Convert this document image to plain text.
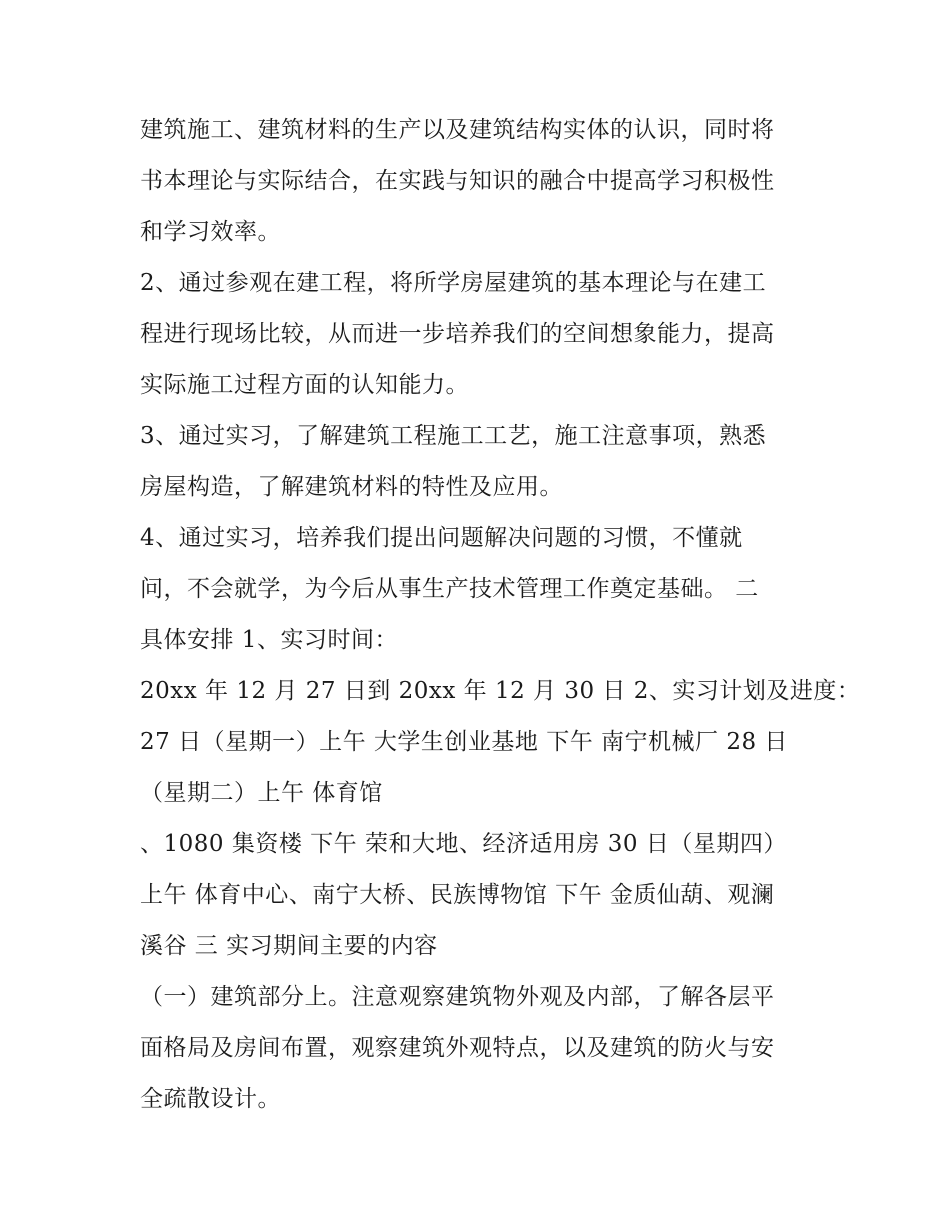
建筑施工、建筑材料的生产以及建筑结构实体的认识，同时将
书本理论与实际结合，在实践与知识的融合中提高学习积极性
和学习效率。
2、通过参观在建工程，将所学房屋建筑的基本理论与在建工
程进行现场比较，从而进一步培养我们的空间想象能力，提高
实际施工过程方面的认知能力。
3、通过实习，了解建筑工程施工工艺，施工注意事项，熟悉
房屋构造，了解建筑材料的特性及应用。
4、通过实习，培养我们提出问题解决问题的习惯，不懂就
问，不会就学，为今后从事生产技术管理工作奠定基础。 二
具体安排 1、实习时间：
20xx 年 12 月 27 日到 20xx 年 12 月 30 日 2、实习计划及进度：
27 日（星期一）上午 大学生创业基地 下午 南宁机械厂 28 日
（星期二）上午 体育馆
、1080 集资楼 下午 荣和大地、经济适用房 30 日（星期四）
上午 体育中心、南宁大桥、民族博物馆 下午 金质仙葫、观澜
溪谷 三 实习期间主要的内容
（一）建筑部分上。注意观察建筑物外观及内部，了解各层平
面格局及房间布置，观察建筑外观特点，以及建筑的防火与安
全疏散设计。
